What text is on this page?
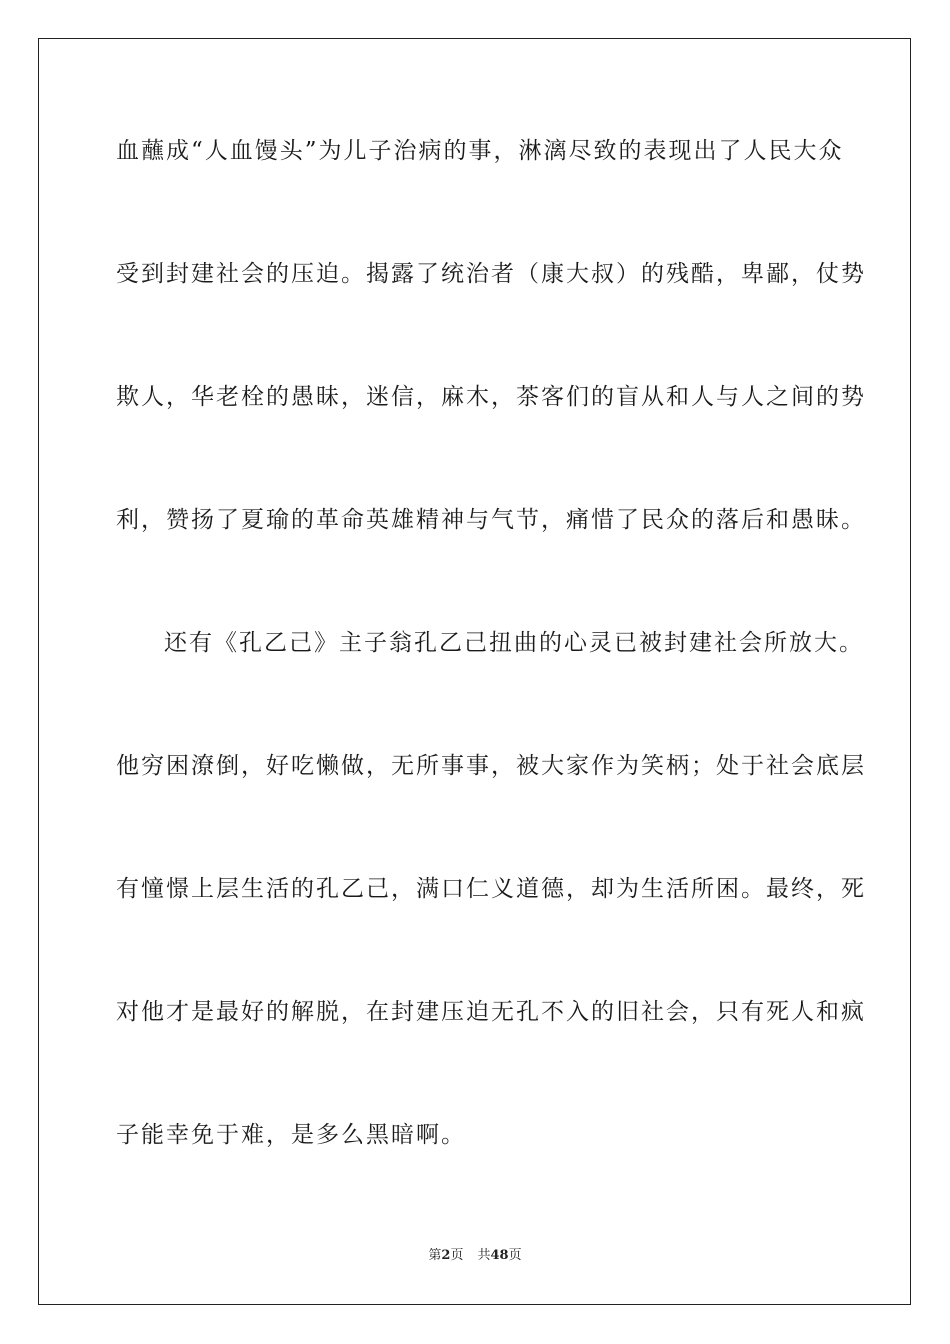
血蘸成“人血馒头”为儿子治病的事，淋漓尽致的表现出了人民大众
受到封建社会的压迫。揭露了统治者（康大叔）的残酷，卑鄙，仗势
欺人，华老栓的愚昧，迷信，麻木，茶客们的盲从和人与人之间的势
利，赞扬了夏瑜的革命英雄精神与气节，痛惜了民众的落后和愚昧。
还有《孔乙己》主子翁孔乙己扭曲的心灵已被封建社会所放大。
他穷困潦倒，好吃懒做，无所事事，被大家作为笑柄；处于社会底层
有憧憬上层生活的孔乙己，满口仁义道德，却为生活所困。最终，死
对他才是最好的解脱，在封建压迫无孔不入的旧社会，只有死人和疯
子能幸免于难，是多么黑暗啊。
第2页 共48页
